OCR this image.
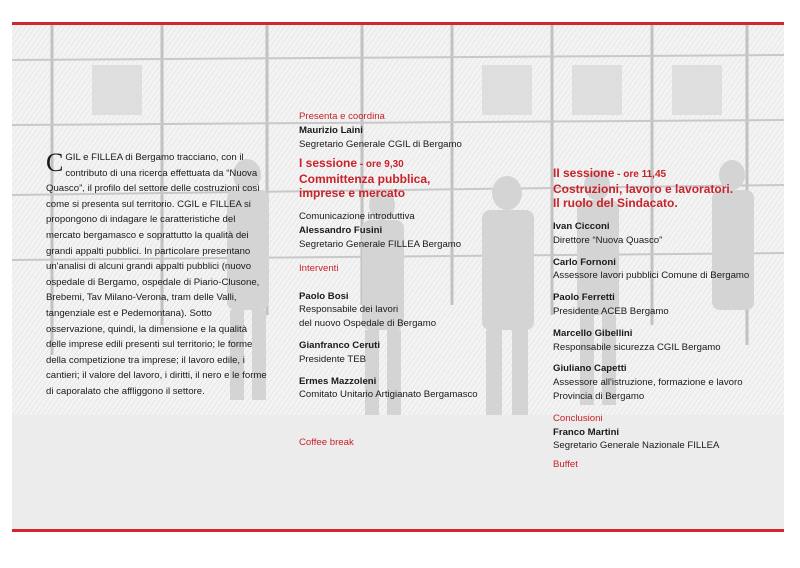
CGIL e FILLEA di Bergamo tracciano, con il contributo di una ricerca effettuata da “Nuova Quasco”, il profilo del settore delle costruzioni così come si presenta sul territorio. CGIL e FILLEA si propongono di indagare le caratteristiche del mercato bergamasco e soprattutto la qualità dei grandi appalti pubblici. In particolare presentano un'analisi di alcuni grandi appalti pubblici (nuovo ospedale di Bergamo, ospedale di Piario-Clusone, Brebemi, Tav Milano-Verona, tram delle Valli, tangenziale est e Pedemontana). Sotto osservazione, quindi, la dimensione e la qualità delle imprese edili presenti sul territorio; le forme della competizione tra imprese; il lavoro edile, i cantieri; il valore del lavoro, i diritti, il nero e le forme di caporalato che affliggono il settore.
Presenta e coordina
Maurizio Laini
Segretario Generale CGIL di Bergamo
I sessione - ore 9,30
Committenza pubblica,
imprese e mercato
Comunicazione introduttiva
Alessandro Fusini
Segretario Generale FILLEA Bergamo
Interventi
Paolo Bosi
Responsabile dei lavori
del nuovo Ospedale di Bergamo
Gianfranco Ceruti
Presidente TEB
Ermes Mazzoleni
Comitato Unitario Artigianato Bergamasco
Coffee break
II sessione - ore 11,45
Costruzioni, lavoro e lavoratori.
Il ruolo del Sindacato.
Ivan Cicconi
Direttore “Nuova Quasco”
Carlo Fornoni
Assessore lavori pubblici Comune di Bergamo
Paolo Ferretti
Presidente ACEB Bergamo
Marcello Gibellini
Responsabile sicurezza CGIL Bergamo
Giuliano Capetti
Assessore all'istruzione, formazione e lavoro
Provincia di Bergamo
Conclusioni
Franco Martini
Segretario Generale Nazionale FILLEA
Buffet
